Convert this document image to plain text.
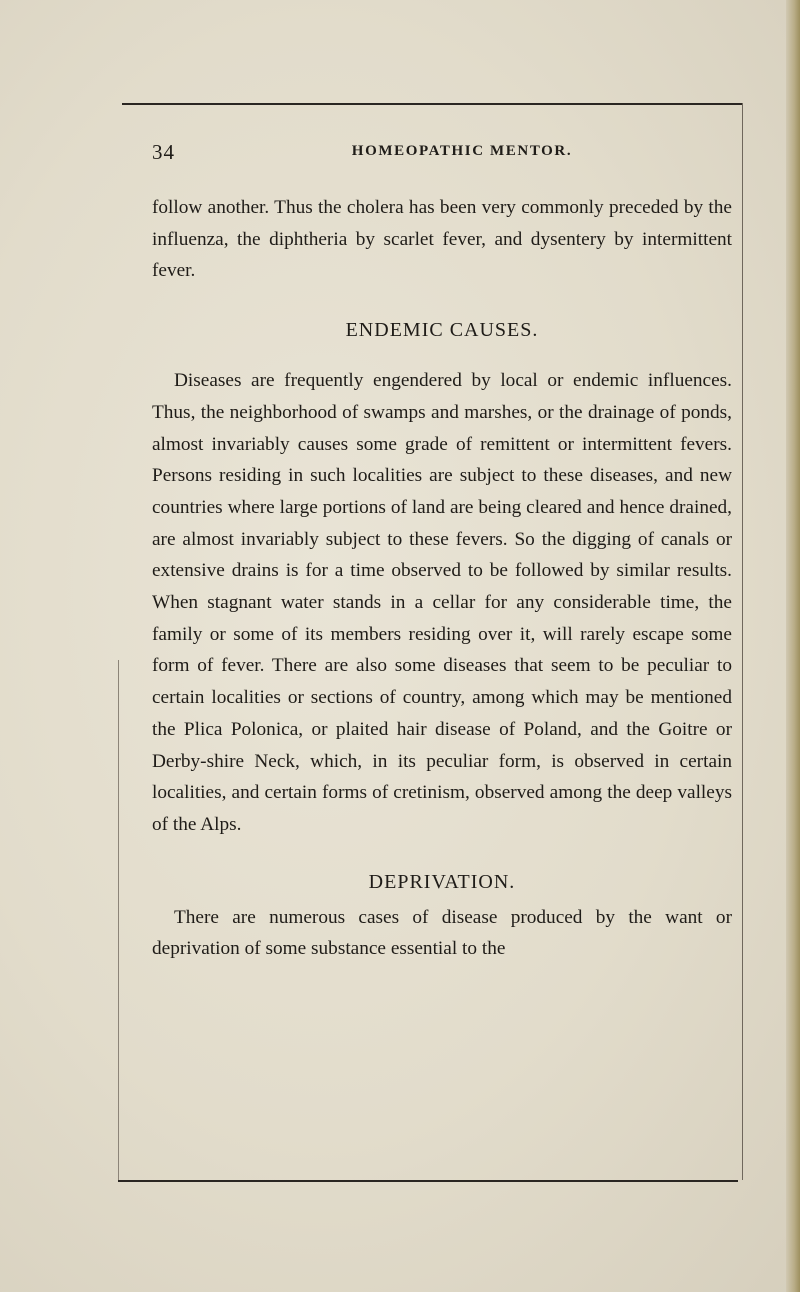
34	HOMEOPATHIC MENTOR.

follow another. Thus the cholera has been very commonly preceded by the influenza, the diphtheria by scarlet fever, and dysentery by intermittent fever.

ENDEMIC CAUSES.

Diseases are frequently engendered by local or endemic influences. Thus, the neighborhood of swamps and marshes, or the drainage of ponds, almost invariably causes some grade of remittent or intermittent fevers. Persons residing in such localities are subject to these diseases, and new countries where large portions of land are being cleared and hence drained, are almost invariably subject to these fevers. So the digging of canals or extensive drains is for a time observed to be followed by similar results. When stagnant water stands in a cellar for any considerable time, the family or some of its members residing over it, will rarely escape some form of fever. There are also some diseases that seem to be peculiar to certain localities or sections of country, among which may be mentioned the Plica Polonica, or plaited hair disease of Poland, and the Goitre or Derby-shire Neck, which, in its peculiar form, is observed in certain localities, and certain forms of cretinism, observed among the deep valleys of the Alps.

DEPRIVATION.

There are numerous cases of disease produced by the want or deprivation of some substance essential to the
